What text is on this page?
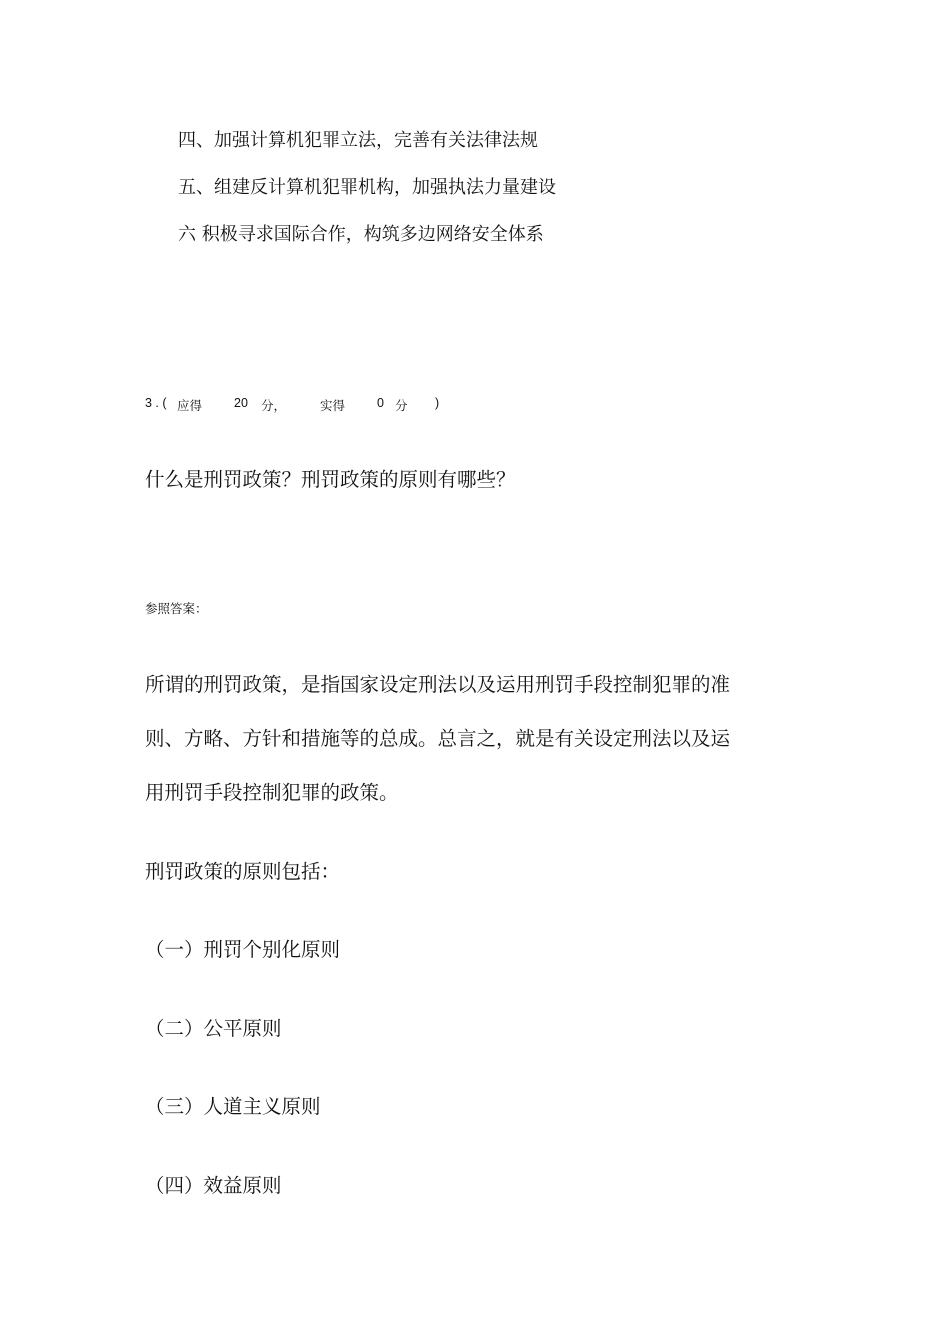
四、加强计算机犯罪立法，完善有关法律法规
五、组建反计算机犯罪机构，加强执法力量建设
六 积极寻求国际合作，构筑多边网络安全体系
3 . ( 应得	20 分，	实得	0 分 )
什么是刑罚政策？刑罚政策的原则有哪些？
参照答案：
所谓的刑罚政策，是指国家设定刑法以及运用刑罚手段控制犯罪的准
则、方略、方针和措施等的总成。总言之，就是有关设定刑法以及运
用刑罚手段控制犯罪的政策。
刑罚政策的原则包括：
（一）刑罚个别化原则
（二）公平原则
（三）人道主义原则
（四）效益原则
